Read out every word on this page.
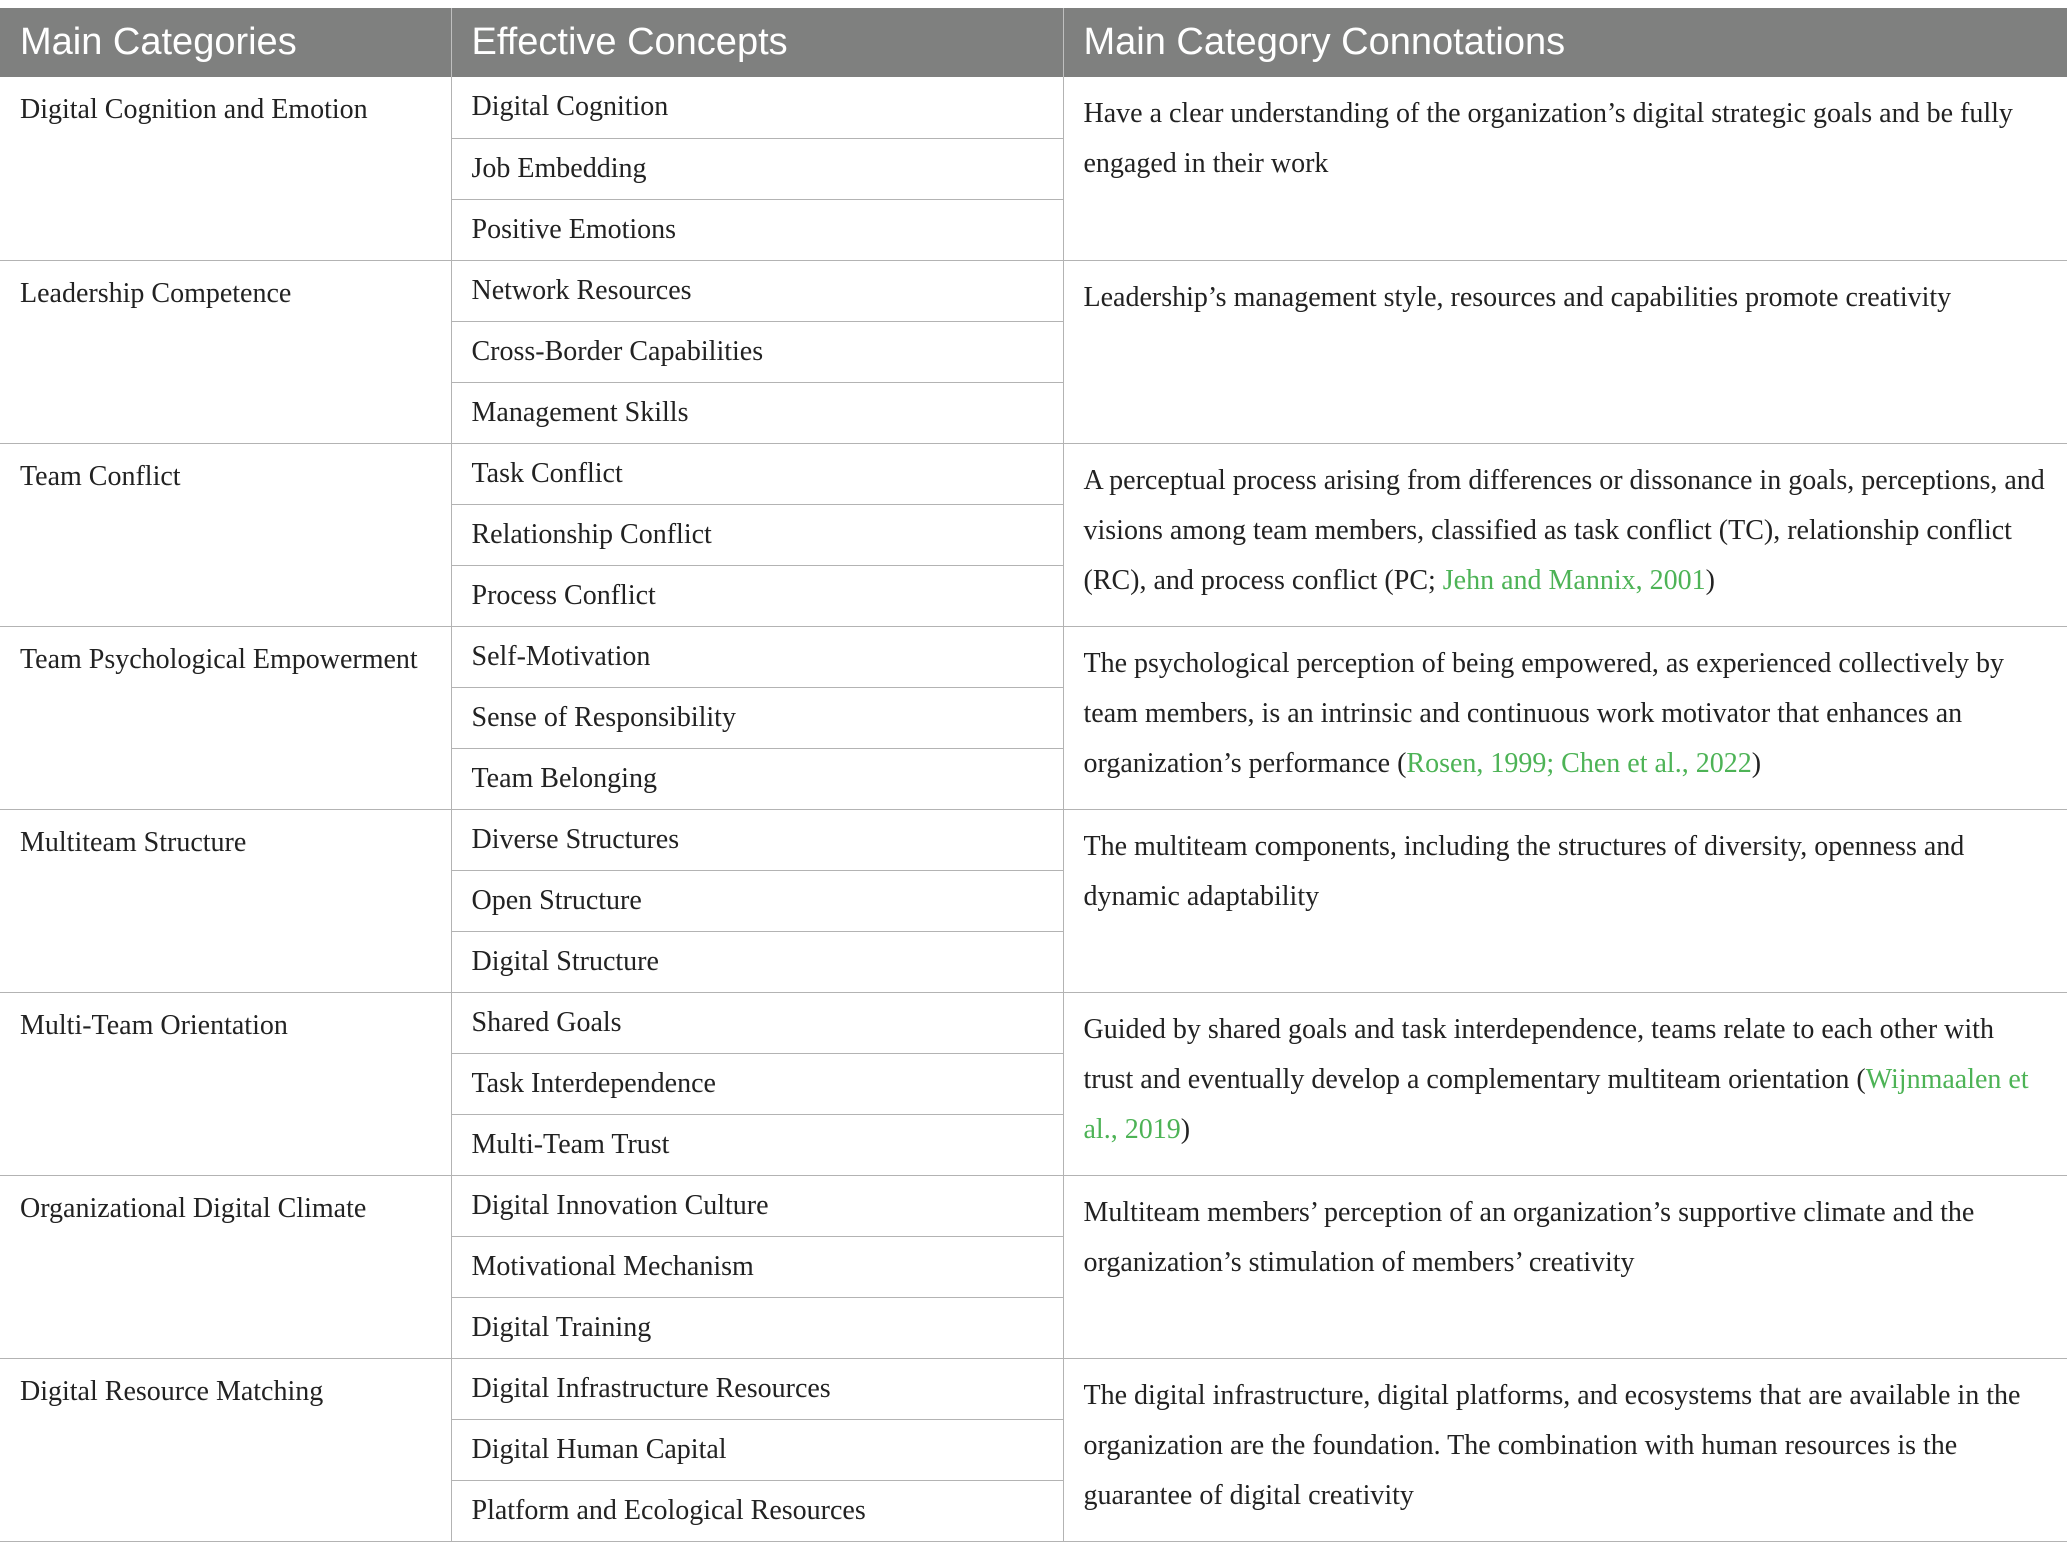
Main Categories	Effective Concepts	Main Category Connotations
Digital Cognition and Emotion	Digital Cognition	Have a clear understanding of the organization’s digital strategic goals and be fully engaged in their work
	Job Embedding	
	Positive Emotions	
Leadership Competence	Network Resources	Leadership’s management style, resources and capabilities promote creativity
	Cross-Border Capabilities	
	Management Skills	
Team Conflict	Task Conflict	A perceptual process arising from differences or dissonance in goals, perceptions, and visions among team members, classified as task conflict (TC), relationship conflict (RC), and process conflict (PC; Jehn and Mannix, 2001)
	Relationship Conflict	
	Process Conflict	
Team Psychological Empowerment	Self-Motivation	The psychological perception of being empowered, as experienced collectively by team members, is an intrinsic and continuous work motivator that enhances an organization’s performance (Rosen, 1999; Chen et al., 2022)
	Sense of Responsibility	
	Team Belonging	
Multiteam Structure	Diverse Structures	The multiteam components, including the structures of diversity, openness and dynamic adaptability
	Open Structure	
	Digital Structure	
Multi-Team Orientation	Shared Goals	Guided by shared goals and task interdependence, teams relate to each other with trust and eventually develop a complementary multiteam orientation (Wijnmaalen et al., 2019)
	Task Interdependence	
	Multi-Team Trust	
Organizational Digital Climate	Digital Innovation Culture	Multiteam members’ perception of an organization’s supportive climate and the organization’s stimulation of members’ creativity
	Motivational Mechanism	
	Digital Training	
Digital Resource Matching	Digital Infrastructure Resources	The digital infrastructure, digital platforms, and ecosystems that are available in the organization are the foundation. The combination with human resources is the guarantee of digital creativity
	Digital Human Capital	
	Platform and Ecological Resources	
